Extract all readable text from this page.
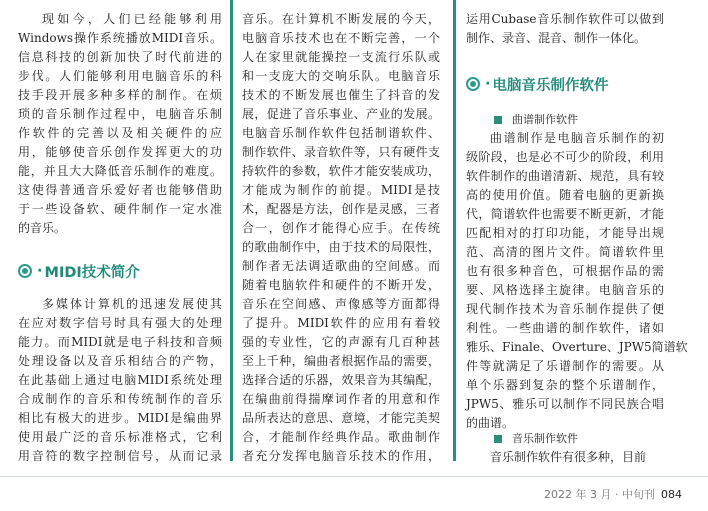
现如今，人们已经能够利用
Windows操作系统播放MIDI音乐。
信息科技的创新加快了时代前进的
步伐。人们能够利用电脑音乐的科
技手段开展多种多样的制作。在烦
琐的音乐制作过程中，电脑音乐制
作软件的完善以及相关硬件的应
用，能够使音乐创作发挥更大的功
能，并且大大降低音乐制作的难度。
这使得普通音乐爱好者也能够借助
于一些设备软、硬件制作一定水准
的音乐。
· MIDI技术简介
多媒体计算机的迅速发展使其
在应对数字信号时具有强大的处理
能力。而MIDI就是电子科技和音频
处理设备以及音乐相结合的产物，
在此基础上通过电脑MIDI系统处理
合成制作的音乐和传统制作的音乐
相比有极大的进步。MIDI是编曲界
使用最广泛的音乐标准格式，它利
用音符的数字控制信号，从而记录
音乐。在计算机不断发展的今天，
电脑音乐技术也在不断完善，一个
人在家里就能操控一支流行乐队或
和一支庞大的交响乐队。电脑音乐
技术的不断发展也催生了抖音的发
展，促进了音乐事业、产业的发展。
电脑音乐制作软件包括制谱软件、
制作软件、录音软件等，只有硬件支
持软件的参数，软件才能安装成功，
才能成为制作的前提。MIDI是技
术，配器是方法，创作是灵感，三者
合一，创作才能得心应手。在传统
的歌曲制作中，由于技术的局限性，
制作者无法调适歌曲的空间感。而
随着电脑软件和硬件的不断开发，
音乐在空间感、声像感等方面都得
了提升。MIDI软件的应用有着较
强的专业性，它的声源有几百种甚
至上千种，编曲者根据作品的需要，
选择合适的乐器，效果音为其编配，
在编曲前得揣摩词作者的用意和作
品所表达的意思、意境，才能完美契
合，才能制作经典作品。歌曲制作
者充分发挥电脑音乐技术的作用，
运用Cubase音乐制作软件可以做到
制作、录音、混音、制作一体化。
· 电脑音乐制作软件
曲谱制作软件
曲谱制作是电脑音乐制作的初
级阶段，也是必不可少的阶段，利用
软件制作的曲谱清新、规范，具有较
高的使用价值。随着电脑的更新换
代，简谱软件也需要不断更新，才能
匹配相对的打印功能，才能导出规
范、高清的图片文件。简谱软件里
也有很多种音色，可根据作品的需
要、风格选择主旋律。电脑音乐的
现代制作技术为音乐制作提供了便
利性。一些曲谱的制作软件，诸如
雅乐、Finale、Overture、JPW5简谱软
件等就满足了乐谱制作的需要。从
单个乐器到复杂的整个乐谱制作，
JPW5、雅乐可以制作不同民族合唱
的曲谱。
音乐制作软件
音乐制作软件有很多种，目前
2022 年 3 月 · 中旬刊 084
